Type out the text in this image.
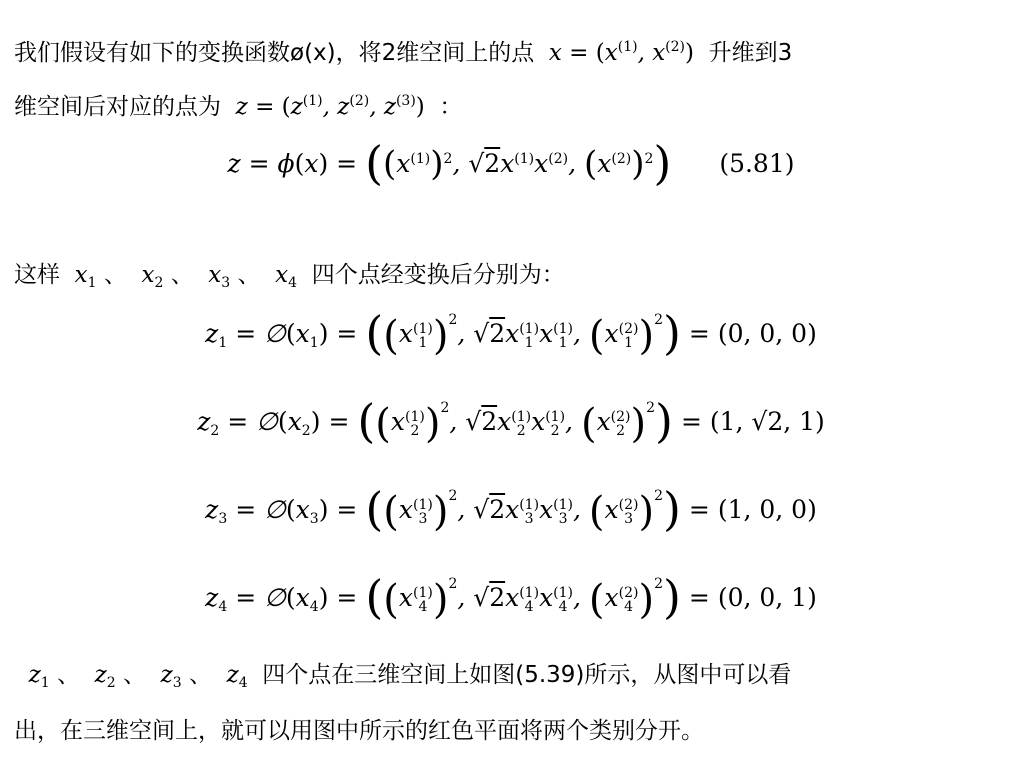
我们假设有如下的变换函数ø(x)，将2维空间上的点  $x = (x^{(1)}$, $x^{(2)}$) 升维到3
维空间后对应的点为  $z = (z^{(1)}$, $z^{(2)}$, $z^{(3)}$) ：
$z = \phi(x) = ((x^{(1)})^2$, $√2x^{(1)}x^{(2)}$, $(x^{(2)})^2$) (5.81)
这样  $x_1$ 、  $x_2$ 、  $x_3$ 、  $x_4$ 四个点经变换后分别为：
$z_1$ = $\emptyset(x_1) = ((x$ (1)
1 )$^2$, √2x (1)
1 x (1)
1 , (x (2)
1 )$^2$) = (0, 0, 0)
$z_2$ = $\emptyset(x_2) = ((x$ (1)
2 )$^2$, √2x (1)
2 x (1)
2 , (x (2)
2 )$^2$) = (1, √2, 1)
$z_3$ = $\emptyset(x_3) = ((x$ (1)
3 )$^2$, √2x (1)
3 x (1)
3 , (x (2)
3 )$^2$) = (1, 0, 0)
$z_4$ = $\emptyset(x_4) = ((x$ (1)
4 )$^2$, √2x (1)
4 x (1)
4 , (x (2)
4 )$^2$) = (0, 0, 1)
$z_1$ 、  $z_2$ 、  $z_3$ 、  $z_4$ 四个点在三维空间上如图(5.39)所示，从图中可以看
出，在三维空间上，就可以用图中所示的红色平面将两个类别分开。
